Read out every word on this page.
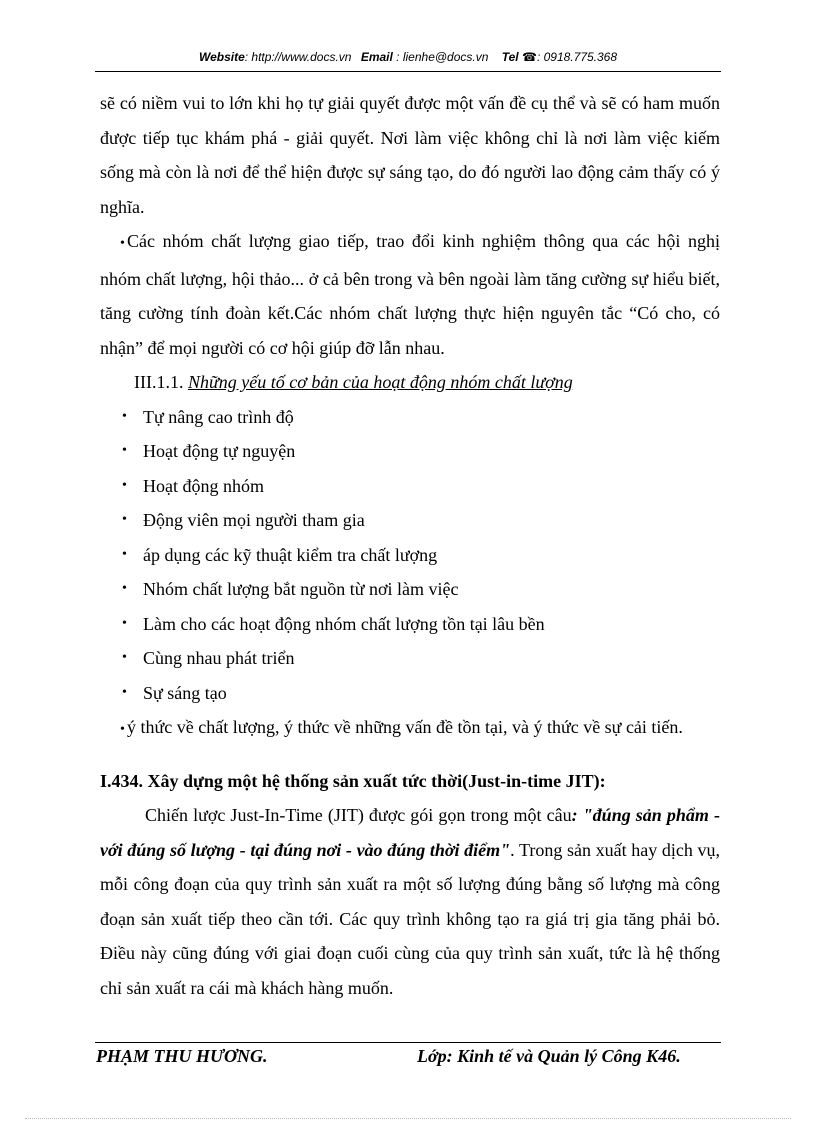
Website: http://www.docs.vn Email : lienhe@docs.vn Tel ☎: 0918.775.368

sẽ có niềm vui to lớn khi họ tự giải quyết được một vấn đề cụ thể và sẽ có ham muốn được tiếp tục khám phá - giải quyết. Nơi làm việc không chỉ là nơi làm việc kiếm sống mà còn là nơi để thể hiện được sự sáng tạo, do đó người lao động cảm thấy có ý nghĩa.

• Các nhóm chất lượng giao tiếp, trao đổi kinh nghiệm thông qua các hội nghị nhóm chất lượng, hội thảo... ở cả bên trong và bên ngoài làm tăng cường sự hiểu biết, tăng cường tính đoàn kết.Các nhóm chất lượng thực hiện nguyên tắc “Có cho, có nhận” để mọi người có cơ hội giúp đỡ lẫn nhau.

III.1.1. Những yếu tố cơ bản của hoạt động nhóm chất lượng

• Tự nâng cao trình độ
• Hoạt động tự nguyện
• Hoạt động nhóm
• Động viên mọi người tham gia
• áp dụng các kỹ thuật kiểm tra chất lượng
• Nhóm chất lượng bắt nguồn từ nơi làm việc
• Làm cho các hoạt động nhóm chất lượng tồn tại lâu bền
• Cùng nhau phát triển
• Sự sáng tạo
• ý thức về chất lượng, ý thức về những vấn đề tồn tại, và ý thức về sự cải tiến.

I.434. Xây dựng một hệ thống sản xuất tức thời(Just-in-time JIT):

Chiến lược Just-In-Time (JIT) được gói gọn trong một câu: "đúng sản phẩm - với đúng số lượng - tại đúng nơi - vào đúng thời điểm". Trong sản xuất hay dịch vụ, mỗi công đoạn của quy trình sản xuất ra một số lượng đúng bằng số lượng mà công đoạn sản xuất tiếp theo cần tới. Các quy trình không tạo ra giá trị gia tăng phải bỏ. Điều này cũng đúng với giai đoạn cuối cùng của quy trình sản xuất, tức là hệ thống chỉ sản xuất ra cái mà khách hàng muốn.

PHẠM THU HƯƠNG.	Lớp: Kinh tế và Quản lý Công K46.
